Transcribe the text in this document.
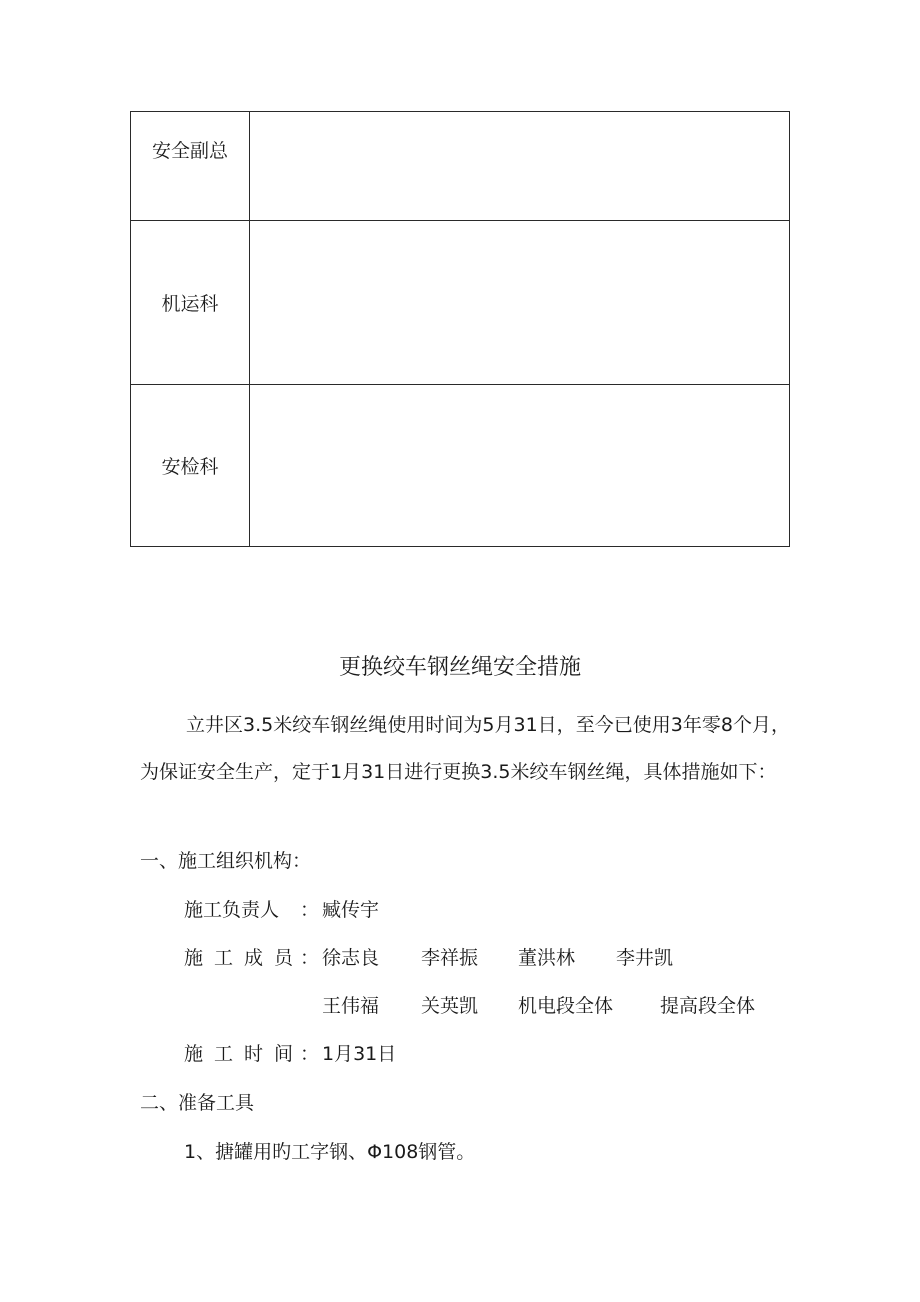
安全副总	
机运科	
安检科	
更换绞车钢丝绳安全措施
立井区3.5米绞车钢丝绳使用时间为5月31日，至今已使用3年零8个月，为保证安全生产，定于1月31日进行更换3.5米绞车钢丝绳，具体措施如下：
一、施工组织机构：
施工负责人 ： 臧传宇
施工成员
： 徐志良 李祥振 董洪林 李井凯
王伟福 关英凯 机电段全体 提高段全体
施工时间
： 1月31日
二、准备工具
1、搪罐用旳工字钢、Φ108钢管。
